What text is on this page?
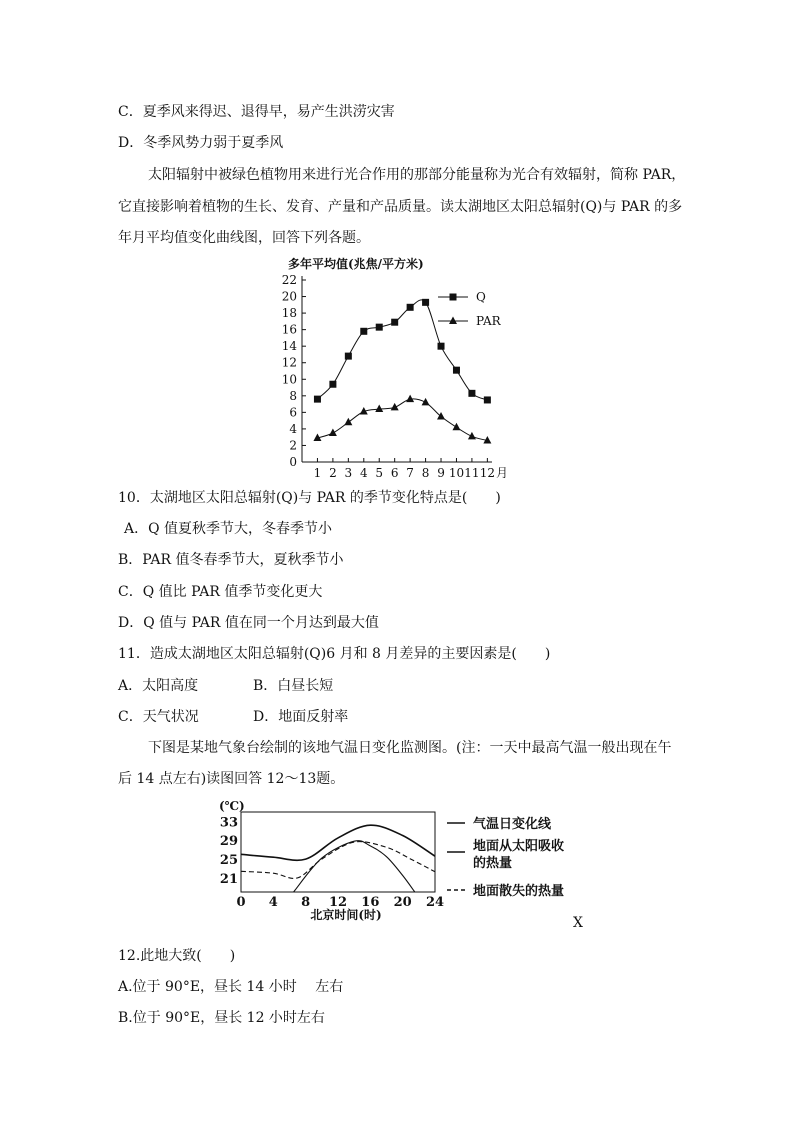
C．夏季风来得迟、退得早，易产生洪涝灾害
D．冬季风势力弱于夏季风
太阳辐射中被绿色植物用来进行光合作用的那部分能量称为光合有效辐射，简称 PAR，
它直接影响着植物的生长、发育、产量和产品质量。读太湖地区太阳总辐射(Q)与 PAR 的多
年月平均值变化曲线图，回答下列各题。
多年平均值(兆焦/平方米)
0
2
4
6
8
10
12
14
16
18
20
22
1 2 3 4 5 6 7 8 9 10 11 12 月
Q
PAR
10．太湖地区太阳总辐射(Q)与 PAR 的季节变化特点是(　　)
A．Q 值夏秋季节大，冬春季节小
B．PAR 值冬春季节大，夏秋季节小
C．Q 值比 PAR 值季节变化更大
D．Q 值与 PAR 值在同一个月达到最大值
11．造成太湖地区太阳总辐射(Q)6 月和 8 月差异的主要因素是(　　)
A．太阳高度	B．白昼长短
C．天气状况	D．地面反射率
下图是某地气象台绘制的该地气温日变化监测图。(注：一天中最高气温一般出现在午
后 14 点左右)读图回答 12～13题。
(℃)
21
25
29
33
0 4 8 12 16 20 24
北京时间(时)
气温日变化线
地面从太阳吸收
的热量
地面散失的热量
X
12.此地大致(　　)
A.位于 90°E，昼长 14 小时　 左右
B.位于 90°E，昼长 12 小时左右
